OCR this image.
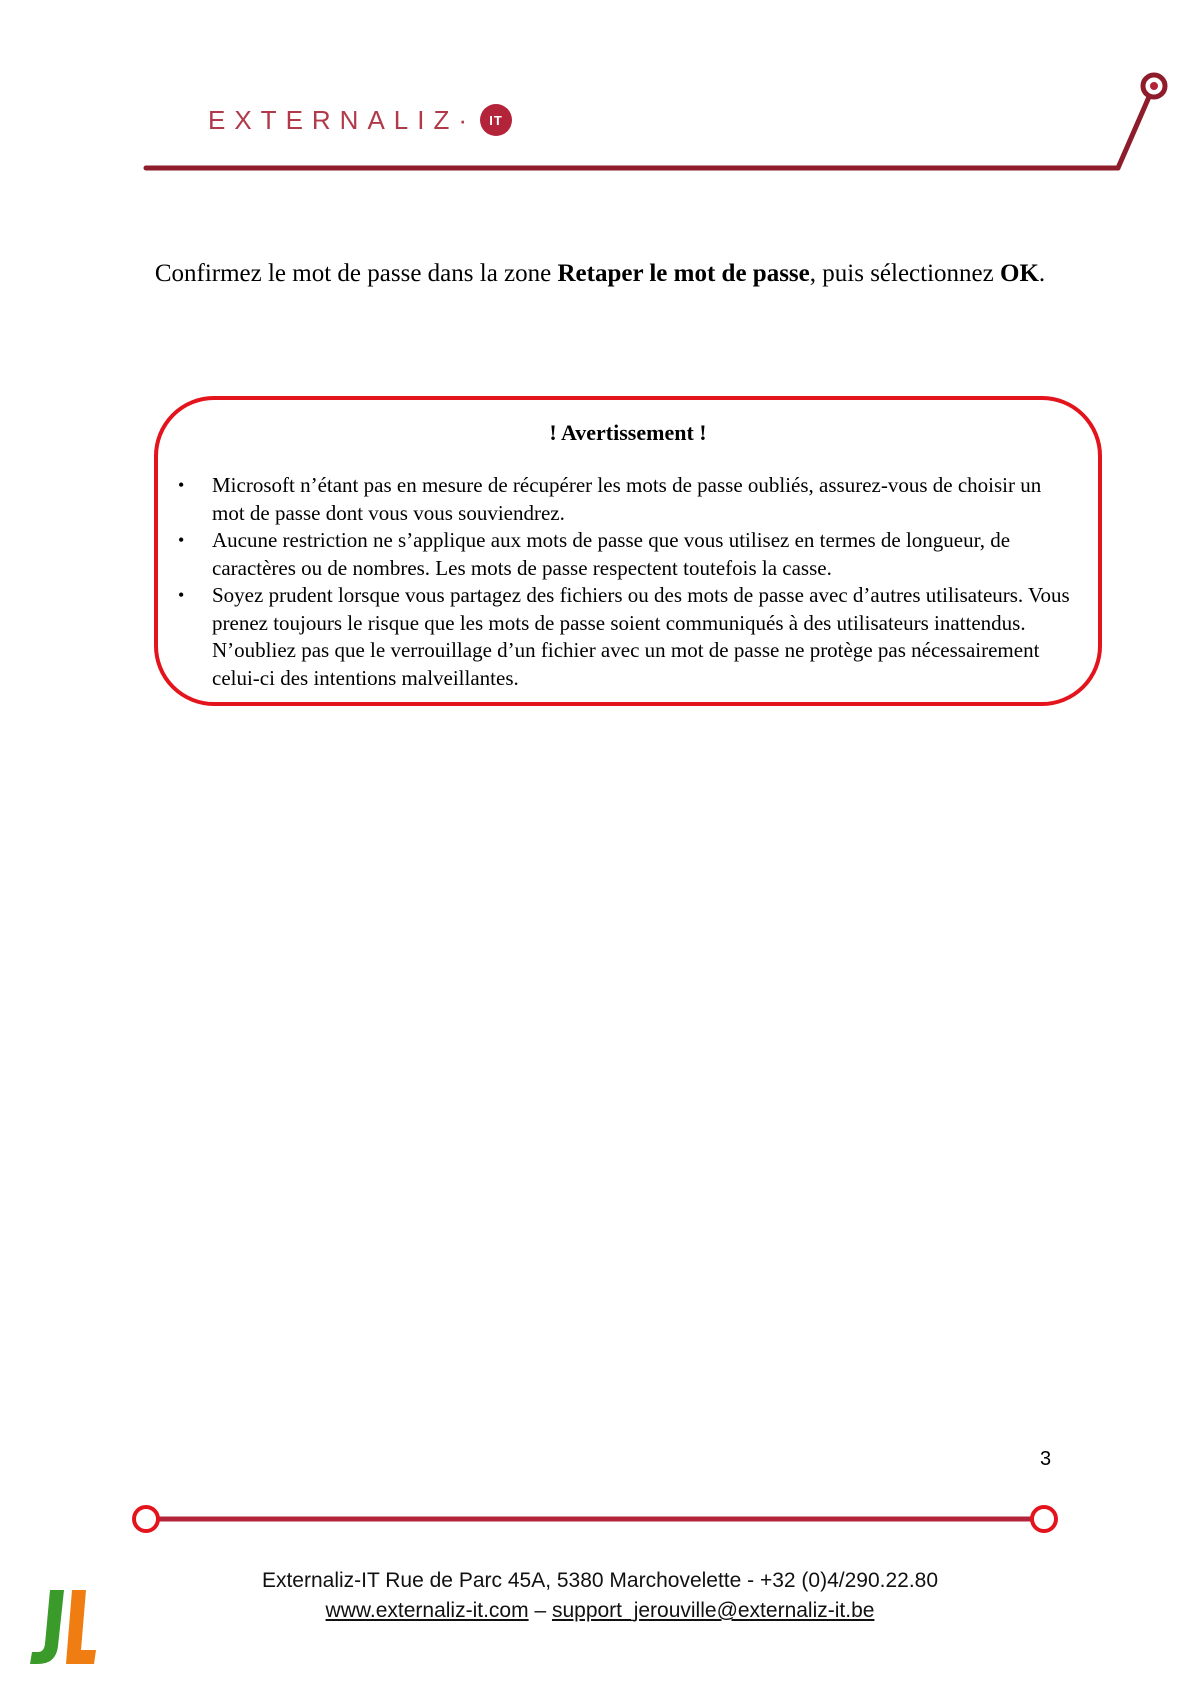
EXTERNALIZ·	IT

Confirmez le mot de passe dans la zone Retaper le mot de passe, puis sélectionnez OK.

! Avertissement !
• Microsoft n’étant pas en mesure de récupérer les mots de passe oubliés, assurez-vous de choisir un mot de passe dont vous vous souviendrez.
• Aucune restriction ne s’applique aux mots de passe que vous utilisez en termes de longueur, de caractères ou de nombres. Les mots de passe respectent toutefois la casse.
• Soyez prudent lorsque vous partagez des fichiers ou des mots de passe avec d’autres utilisateurs. Vous prenez toujours le risque que les mots de passe soient communiqués à des utilisateurs inattendus. N’oubliez pas que le verrouillage d’un fichier avec un mot de passe ne protège pas nécessairement celui-ci des intentions malveillantes.
3
Externaliz-IT Rue de Parc 45A, 5380 Marchovelette - +32 (0)4/290.22.80
www.externaliz-it.com – support_jerouville@externaliz-it.be
